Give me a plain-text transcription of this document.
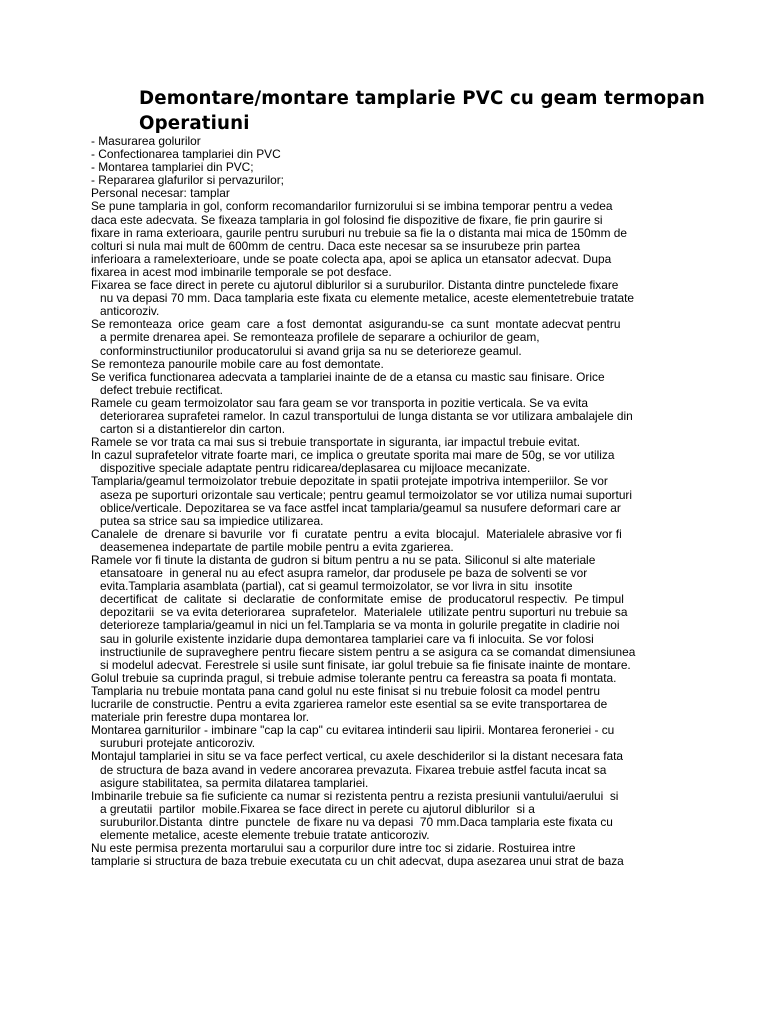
Demontare/montare tamplarie PVC cu geam termopan
Operatiuni
- Masurarea golurilor
- Confectionarea tamplariei din PVC
- Montarea tamplariei din PVC;
- Repararea glafurilor si pervazurilor;
Personal necesar: tamplar
Se pune tamplaria in gol, conform recomandarilor furnizorului si se imbina temporar pentru a vedea
daca este adecvata. Se fixeaza tamplaria in gol folosind fie dispozitive de fixare, fie prin gaurire si
fixare in rama exterioara, gaurile pentru suruburi nu trebuie sa fie la o distanta mai mica de 150mm de
colturi si nula mai mult de 600mm de centru. Daca este necesar sa se insurubeze prin partea
inferioara a ramelexterioare, unde se poate colecta apa, apoi se aplica un etansator adecvat. Dupa
fixarea in acest mod imbinarile temporale se pot desface.
Fixarea se face direct in perete cu ajutorul diblurilor si a suruburilor. Distanta dintre punctelede fixare
nu va depasi 70 mm. Daca tamplaria este fixata cu elemente metalice, aceste elementetrebuie tratate
anticoroziv.
Se remonteaza  orice  geam  care  a fost  demontat  asigurandu-se  ca sunt  montate adecvat pentru
a permite drenarea apei. Se remonteaza profilele de separare a ochiurilor de geam,
conforminstructiunilor producatorului si avand grija sa nu se deterioreze geamul.
Se remonteza panourile mobile care au fost demontate.
Se verifica functionarea adecvata a tamplariei inainte de de a etansa cu mastic sau finisare. Orice
defect trebuie rectificat.
Ramele cu geam termoizolator sau fara geam se vor transporta in pozitie verticala. Se va evita
deteriorarea suprafetei ramelor. In cazul transportului de lunga distanta se vor utilizara ambalajele din
carton si a distantierelor din carton.
Ramele se vor trata ca mai sus si trebuie transportate in siguranta, iar impactul trebuie evitat.
In cazul suprafetelor vitrate foarte mari, ce implica o greutate sporita mai mare de 50g, se vor utiliza
dispozitive speciale adaptate pentru ridicarea/deplasarea cu mijloace mecanizate.
Tamplaria/geamul termoizolator trebuie depozitate in spatii protejate impotriva intemperiilor. Se vor
aseza pe suporturi orizontale sau verticale; pentru geamul termoizolator se vor utiliza numai suporturi
oblice/verticale. Depozitarea se va face astfel incat tamplaria/geamul sa nusufere deformari care ar
putea sa strice sau sa impiedice utilizarea.
Canalele  de  drenare si bavurile  vor  fi  curatate  pentru  a evita  blocajul.  Materialele abrasive vor fi
deasemenea indepartate de partile mobile pentru a evita zgarierea.
Ramele vor fi tinute la distanta de gudron si bitum pentru a nu se pata. Siliconul si alte materiale
etansatoare  in general nu au efect asupra ramelor, dar produsele pe baza de solventi se vor
evita.Tamplaria asamblata (partial), cat si geamul termoizolator, se vor livra in situ  insotite
decertificat  de  calitate  si  declaratie  de conformitate  emise  de  producatorul respectiv.  Pe timpul
depozitarii  se va evita deteriorarea  suprafetelor.  Materialele  utilizate pentru suporturi nu trebuie sa
deterioreze tamplaria/geamul in nici un fel.Tamplaria se va monta in golurile pregatite in cladirie noi
sau in golurile existente inzidarie dupa demontarea tamplariei care va fi inlocuita. Se vor folosi
instructiunile de supraveghere pentru fiecare sistem pentru a se asigura ca se comandat dimensiunea
si modelul adecvat. Ferestrele si usile sunt finisate, iar golul trebuie sa fie finisate inainte de montare.
Golul trebuie sa cuprinda pragul, si trebuie admise tolerante pentru ca fereastra sa poata fi montata.
Tamplaria nu trebuie montata pana cand golul nu este finisat si nu trebuie folosit ca model pentru
lucrarile de constructie. Pentru a evita zgarierea ramelor este esential sa se evite transportarea de
materiale prin ferestre dupa montarea lor.
Montarea garniturilor - imbinare "cap la cap" cu evitarea intinderii sau lipirii. Montarea feroneriei - cu
suruburi protejate anticoroziv.
Montajul tamplariei in situ se va face perfect vertical, cu axele deschiderilor si la distant necesara fata
de structura de baza avand in vedere ancorarea prevazuta. Fixarea trebuie astfel facuta incat sa
asigure stabilitatea, sa permita dilatarea tamplariei.
Imbinarile trebuie sa fie suficiente ca numar si rezistenta pentru a rezista presiunii vantului/aerului  si
a greutatii  partilor  mobile.Fixarea se face direct in perete cu ajutorul diblurilor  si a
suruburilor.Distanta  dintre  punctele  de fixare nu va depasi  70 mm.Daca tamplaria este fixata cu
elemente metalice, aceste elemente trebuie tratate anticoroziv.
Nu este permisa prezenta mortarului sau a corpurilor dure intre toc si zidarie. Rostuirea intre
tamplarie si structura de baza trebuie executata cu un chit adecvat, dupa asezarea unui strat de baza
